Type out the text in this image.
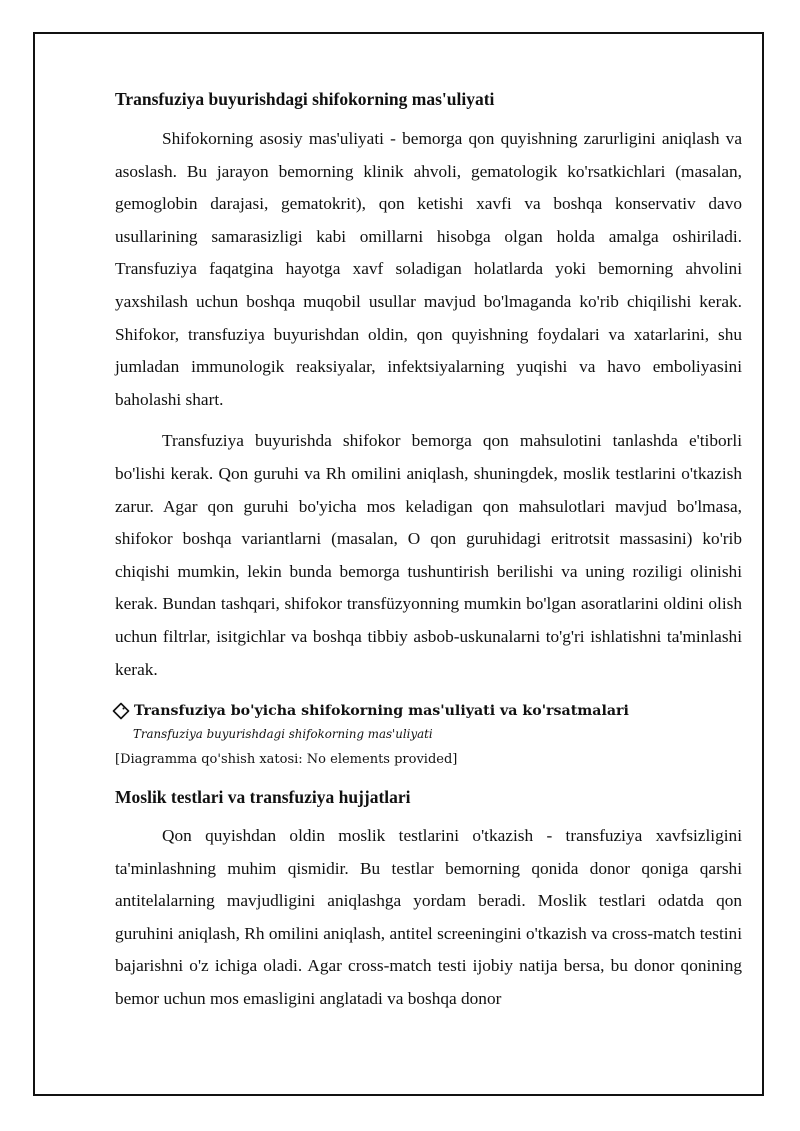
Transfuziya buyurishdagi shifokorning mas'uliyati

Shifokorning asosiy mas'uliyati - bemorga qon quyishning zarurligini aniqlash va asoslash. Bu jarayon bemorning klinik ahvoli, gematologik ko'rsatkichlari (masalan, gemoglobin darajasi, gematokrit), qon ketishi xavfi va boshqa konservativ davo usullarining samarasizligi kabi omillarni hisobga olgan holda amalga oshiriladi. Transfuziya faqatgina hayotga xavf soladigan holatlarda yoki bemorning ahvolini yaxshilash uchun boshqa muqobil usullar mavjud bo'lmaganda ko'rib chiqilishi kerak. Shifokor, transfuziya buyurishdan oldin, qon quyishning foydalari va xatarlarini, shu jumladan immunologik reaksiyalar, infektsiyalarning yuqishi va havo emboliyasini baholashi shart.

Transfuziya buyurishda shifokor bemorga qon mahsulotini tanlashda e'tiborli bo'lishi kerak. Qon guruhi va Rh omilini aniqlash, shuningdek, moslik testlarini o'tkazish zarur. Agar qon guruhi bo'yicha mos keladigan qon mahsulotlari mavjud bo'lmasa, shifokor boshqa variantlarni (masalan, O qon guruhidagi eritrotsit massasini) ko'rib chiqishi mumkin, lekin bunda bemorga tushuntirish berilishi va uning roziligi olinishi kerak. Bundan tashqari, shifokor transfüzyonning mumkin bo'lgan asoratlarini oldini olish uchun filtrlar, isitgichlar va boshqa tibbiy asbob-uskunalarni to'g'ri ishlatishni ta'minlashi kerak.

Transfuziya bo'yicha shifokorning mas'uliyati va ko'rsatmalari
Transfuziya buyurishdagi shifokorning mas'uliyati
[Diagramma qo'shish xatosi: No elements provided]
Moslik testlari va transfuziya hujjatlari

Qon quyishdan oldin moslik testlarini o'tkazish - transfuziya xavfsizligini ta'minlashning muhim qismidir. Bu testlar bemorning qonida donor qoniga qarshi antitelalarning mavjudligini aniqlashga yordam beradi. Moslik testlari odatda qon guruhini aniqlash, Rh omilini aniqlash, antitel screeningini o'tkazish va cross-match testini bajarishni o'z ichiga oladi. Agar cross-match testi ijobiy natija bersa, bu donor qonining bemor uchun mos emasligini anglatadi va boshqa donor
